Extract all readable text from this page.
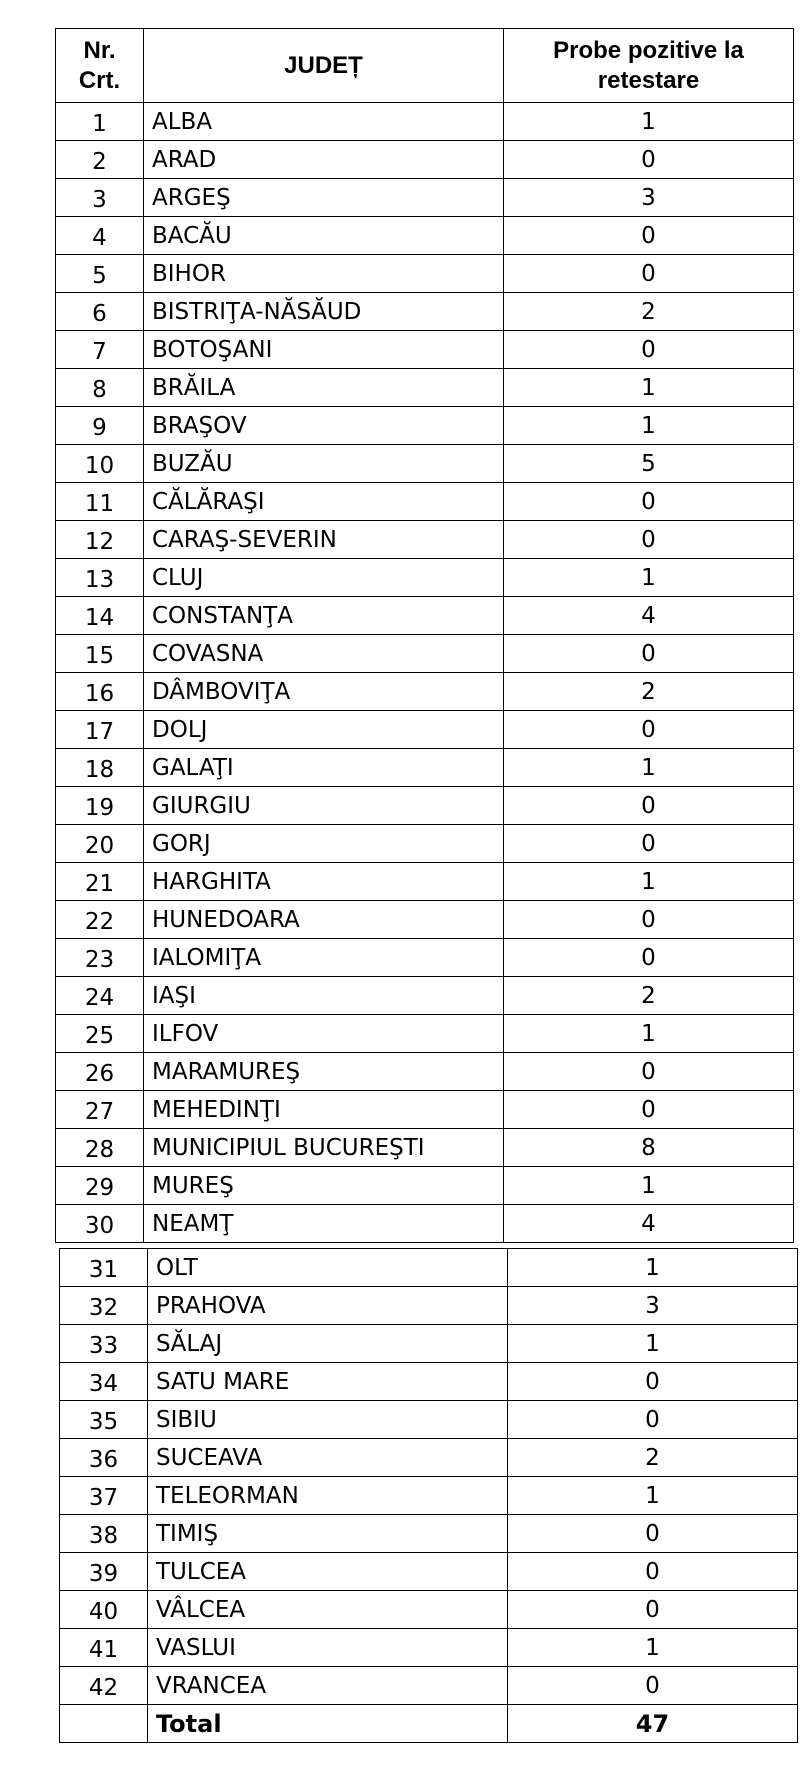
Nr. Crt.	JUDEȚ	Probe pozitive la retestare
1	ALBA	1
2	ARAD	0
3	ARGEŞ	3
4	BACĂU	0
5	BIHOR	0
6	BISTRIŢA-NĂSĂUD	2
7	BOTOŞANI	0
8	BRĂILA	1
9	BRAŞOV	1
10	BUZĂU	5
11	CĂLĂRAŞI	0
12	CARAŞ-SEVERIN	0
13	CLUJ	1
14	CONSTANŢA	4
15	COVASNA	0
16	DÂMBOVIŢA	2
17	DOLJ	0
18	GALAŢI	1
19	GIURGIU	0
20	GORJ	0
21	HARGHITA	1
22	HUNEDOARA	0
23	IALOMIŢA	0
24	IAŞI	2
25	ILFOV	1
26	MARAMUREŞ	0
27	MEHEDINŢI	0
28	MUNICIPIUL BUCUREŞTI	8
29	MUREŞ	1
30	NEAMŢ	4
31	OLT	1
32	PRAHOVA	3
33	SĂLAJ	1
34	SATU MARE	0
35	SIBIU	0
36	SUCEAVA	2
37	TELEORMAN	1
38	TIMIŞ	0
39	TULCEA	0
40	VÂLCEA	0
41	VASLUI	1
42	VRANCEA	0
	Total	47
